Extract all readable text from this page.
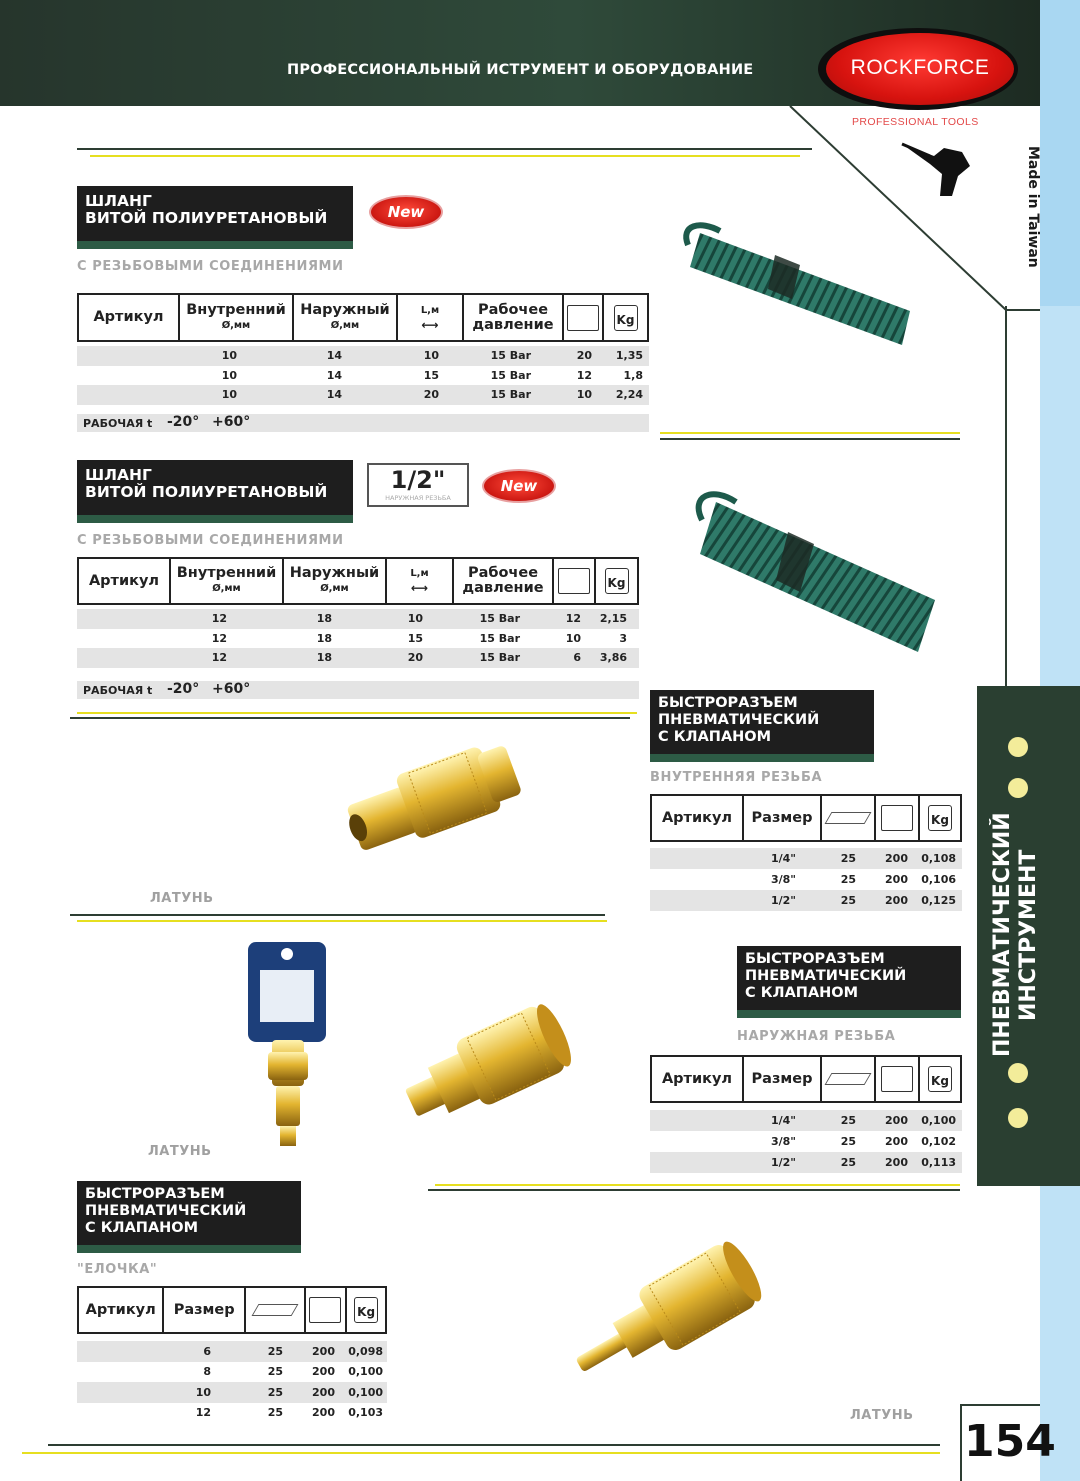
ПРОФЕССИОНАЛЬНЫЙ ИСТРУМЕНТ И ОБОРУДОВАНИЕ	ROCKFORCE
PROFESSIONAL TOOLS
Made in Taiwan
ПНЕВМАТИЧЕСКИЙ
ИНСТРУМЕНТ
ШЛАНГ
ВИТОЙ ПОЛИУРЕТАНОВЫЙ	New
С РЕЗЬБОВЫМИ СОЕДИНЕНИЯМИ
Артикул Внутренний
Ø,мм
Наружный
Ø,мм
L,м
⟷
Рабочее
давление	Kg
10	14	10	15 Bar	20	1,35
10	14	15	15 Bar	12	1,8
10	14	20	15 Bar	10	2,24
РАБОЧАЯ t -20° +60°
ШЛАНГ
ВИТОЙ ПОЛИУРЕТАНОВЫЙ	1/2"
НАРУЖНАЯ РЕЗЬБА
New
С РЕЗЬБОВЫМИ СОЕДИНЕНИЯМИ
Артикул Внутренний
Ø,мм
Наружный
Ø,мм
L,м
⟷
Рабочее
давление	Kg
12	18	10	15 Bar	12	2,15
12	18	15	15 Bar	10	3
12	18	20	15 Bar	6	3,86
РАБОЧАЯ t -20° +60°
БЫСТРОРАЗЪЕМ
ПНЕВМАТИЧЕСКИЙ
С КЛАПАНОМ
ВНУТРЕННЯЯ РЕЗЬБА
Артикул Размер	Kg
1/4"	25	200	0,108
3/8"	25	200	0,106
1/2"	25	200	0,125
ЛАТУНЬ
БЫСТРОРАЗЪЕМ
ПНЕВМАТИЧЕСКИЙ
С КЛАПАНОМ
НАРУЖНАЯ РЕЗЬБА
Артикул Размер	Kg
1/4"	25	200	0,100
3/8"	25	200	0,102
1/2"	25	200	0,113
ЛАТУНЬ
БЫСТРОРАЗЪЕМ
ПНЕВМАТИЧЕСКИЙ
С КЛАПАНОМ
"ЕЛОЧКА"
Артикул Размер	Kg
6	25	200	0,098
8	25	200	0,100
10	25	200	0,100
12	25	200	0,103	ЛАТУНЬ
154
